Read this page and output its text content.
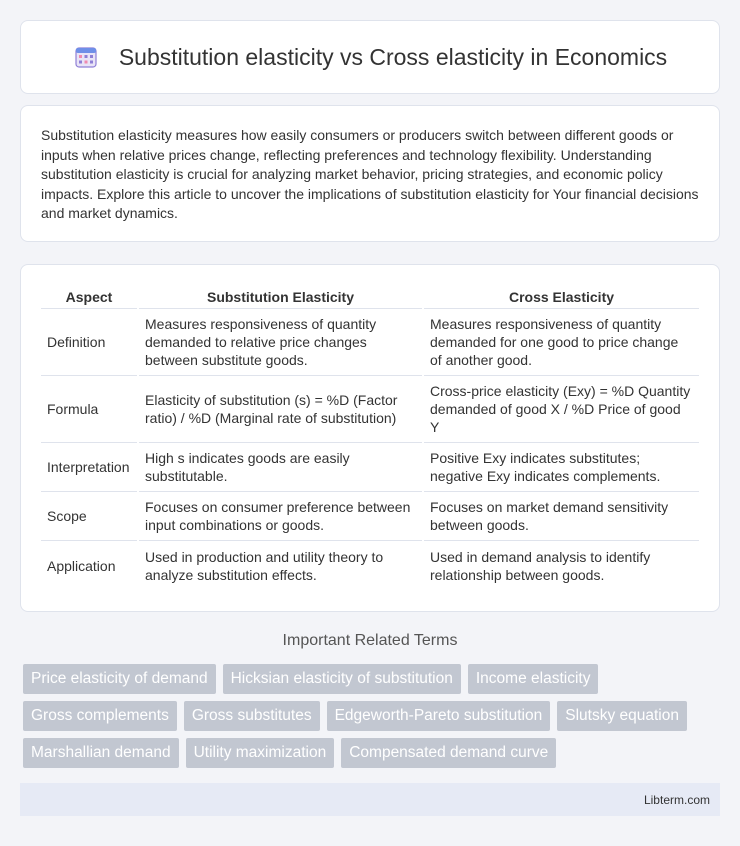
Substitution elasticity vs Cross elasticity in Economics

Substitution elasticity measures how easily consumers or producers switch between different goods or inputs when relative prices change, reflecting preferences and technology flexibility. Understanding substitution elasticity is crucial for analyzing market behavior, pricing strategies, and economic policy impacts. Explore this article to uncover the implications of substitution elasticity for Your financial decisions and market dynamics.

Aspect	Substitution Elasticity	Cross Elasticity
Definition	Measures responsiveness of quantity demanded to relative price changes between substitute goods.	Measures responsiveness of quantity demanded for one good to price change of another good.
Formula	Elasticity of substitution (s) = %D (Factor ratio) / %D (Marginal rate of substitution)	Cross-price elasticity (Exy) = %D Quantity demanded of good X / %D Price of good Y
Interpretation	High s indicates goods are easily substitutable.	Positive Exy indicates substitutes; negative Exy indicates complements.
Scope	Focuses on consumer preference between input combinations or goods.	Focuses on market demand sensitivity between goods.
Application	Used in production and utility theory to analyze substitution effects.	Used in demand analysis to identify relationship between goods.
Important Related Terms
Price elasticity of demand	Hicksian elasticity of substitution	Income elasticity
Gross complements	Gross substitutes	Edgeworth-Pareto substitution	Slutsky equation
Marshallian demand	Utility maximization	Compensated demand curve
Libterm.com
